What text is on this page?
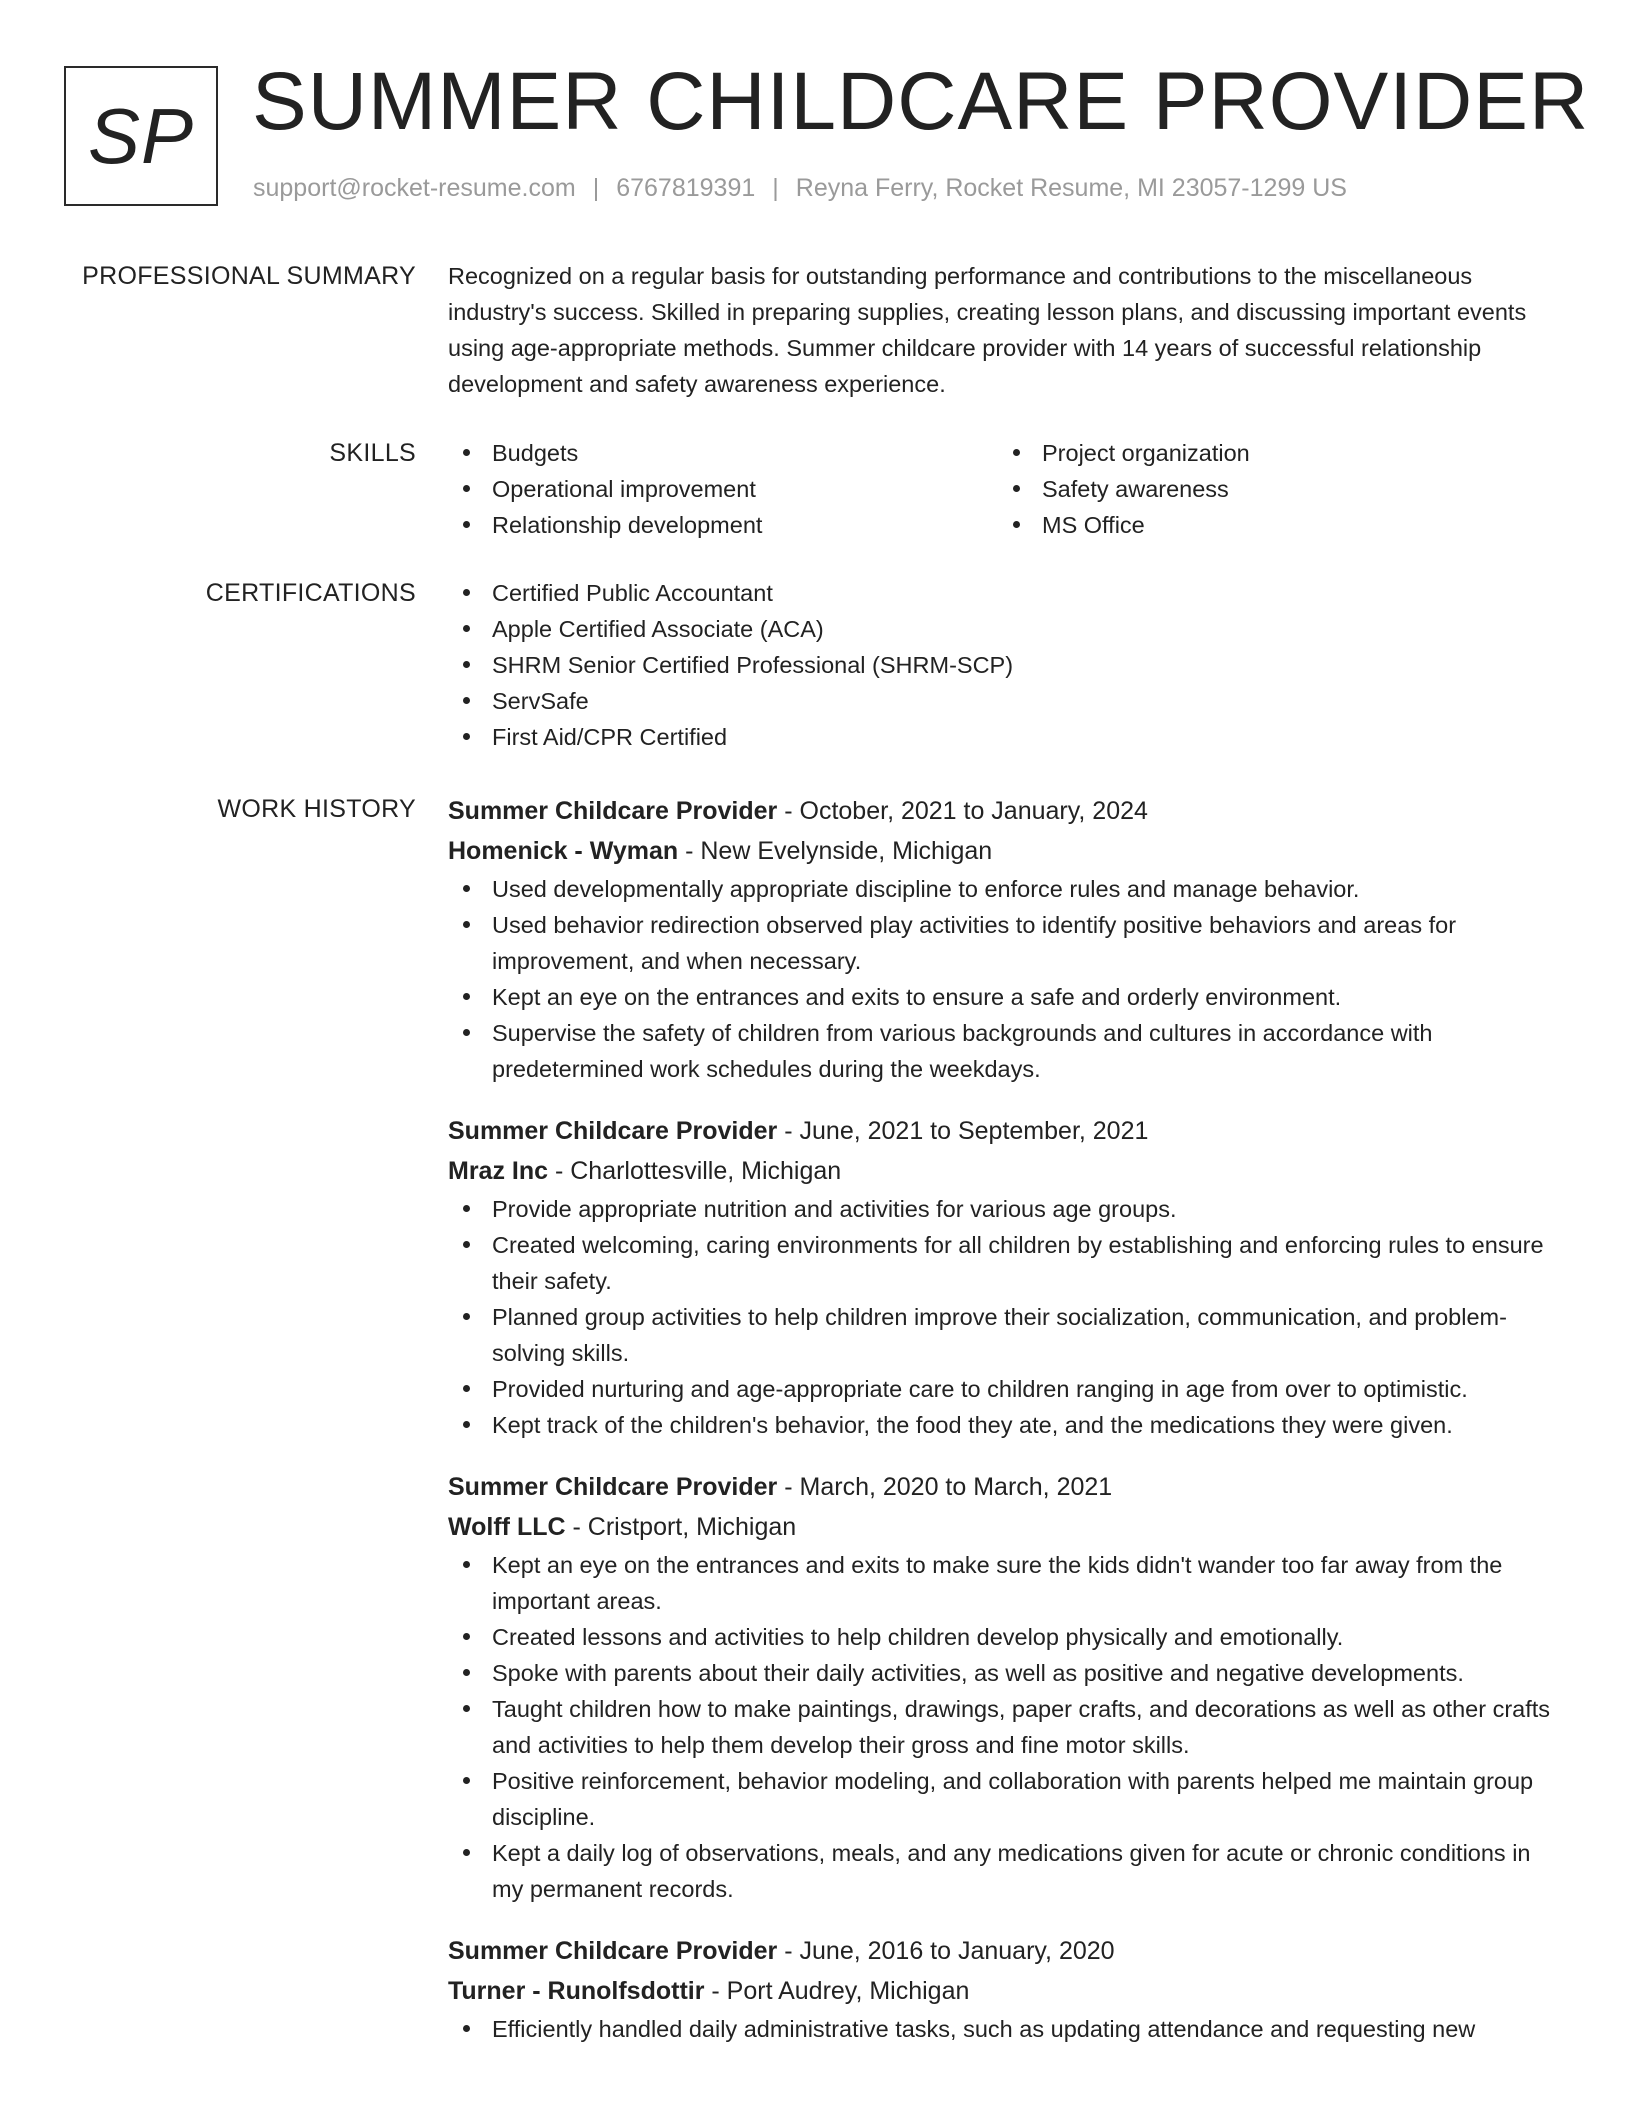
SP SUMMER CHILDCARE PROVIDER
support@rocket-resume.com | 6767819391 | Reyna Ferry, Rocket Resume, MI 23057-1299 US
PROFESSIONAL SUMMARY Recognized on a regular basis for outstanding performance and contributions to the miscellaneous industry's success. Skilled in preparing supplies, creating lesson plans, and discussing important events using age-appropriate methods. Summer childcare provider with 14 years of successful relationship development and safety awareness experience.

SKILLS	Budgets
Operational improvement
Relationship development
Project organization
Safety awareness
MS Office
CERTIFICATIONS	Certified Public Accountant
Apple Certified Associate (ACA)
SHRM Senior Certified Professional (SHRM-SCP)
ServSafe
First Aid/CPR Certified
WORK HISTORY Summer Childcare Provider - October, 2021 to January, 2024
Homenick - Wyman - New Evelynside, Michigan
Used developmentally appropriate discipline to enforce rules and manage behavior.
Used behavior redirection observed play activities to identify positive behaviors and areas for improvement, and when necessary.
Kept an eye on the entrances and exits to ensure a safe and orderly environment.
Supervise the safety of children from various backgrounds and cultures in accordance with predetermined work schedules during the weekdays.
Summer Childcare Provider - June, 2021 to September, 2021
Mraz Inc - Charlottesville, Michigan
Provide appropriate nutrition and activities for various age groups.
Created welcoming, caring environments for all children by establishing and enforcing rules to ensure their safety.
Planned group activities to help children improve their socialization, communication, and problem-solving skills.
Provided nurturing and age-appropriate care to children ranging in age from over to optimistic.
Kept track of the children's behavior, the food they ate, and the medications they were given.
Summer Childcare Provider - March, 2020 to March, 2021
Wolff LLC - Cristport, Michigan
Kept an eye on the entrances and exits to make sure the kids didn't wander too far away from the important areas.
Created lessons and activities to help children develop physically and emotionally.
Spoke with parents about their daily activities, as well as positive and negative developments.
Taught children how to make paintings, drawings, paper crafts, and decorations as well as other crafts and activities to help them develop their gross and fine motor skills.
Positive reinforcement, behavior modeling, and collaboration with parents helped me maintain group discipline.
Kept a daily log of observations, meals, and any medications given for acute or chronic conditions in my permanent records.
Summer Childcare Provider - June, 2016 to January, 2020
Turner - Runolfsdottir - Port Audrey, Michigan
Efficiently handled daily administrative tasks, such as updating attendance and requesting new
